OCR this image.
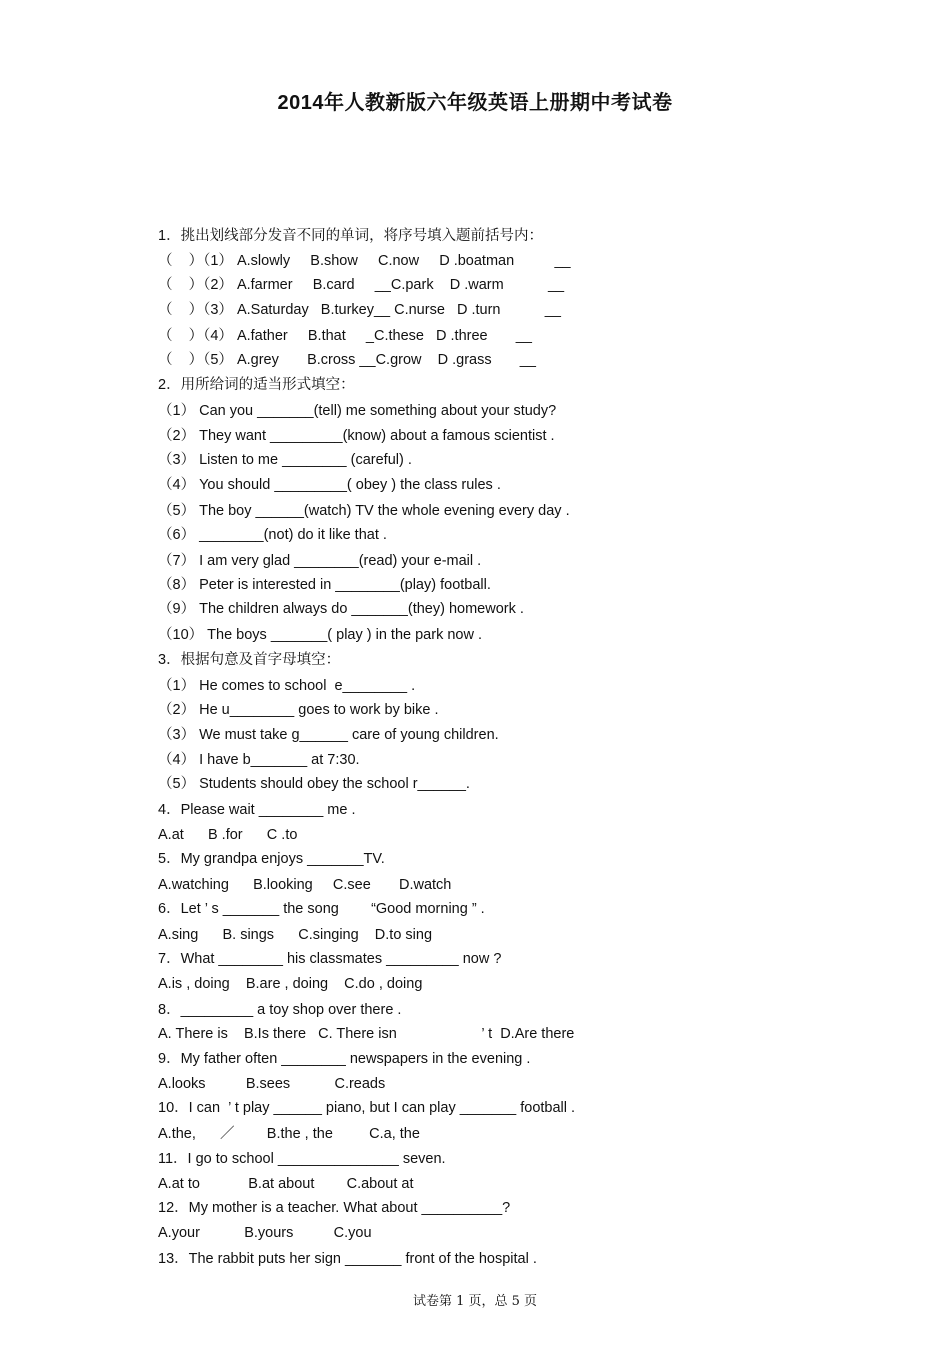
2014年人教新版六年级英语上册期中考试卷
1．挑出划线部分发音不同的单词，将序号填入题前括号内：
（    ）（1） A.slowly     B.show     C.now     D .boatman          __
（    ）（2） A.farmer     B.card     __C.park    D .warm           __
（    ）（3） A.Saturday   B.turkey__ C.nurse   D .turn           __
（    ）（4） A.father     B.that     _C.these   D .three       __
（    ）（5） A.grey       B.cross __C.grow    D .grass       __
2．用所给词的适当形式填空：
（1） Can you _______(tell) me something about your study?
（2） They want _________(know) about a famous scientist .
（3） Listen to me ________ (careful) .
（4） You should _________( obey ) the class rules .
（5） The boy ______(watch) TV the whole evening every day .
（6） ________(not) do it like that .
（7） I am very glad ________(read) your e-mail .
（8） Peter is interested in ________(play) football.
（9） The children always do _______(they) homework .
（10） The boys _______( play ) in the park now .
3．根据句意及首字母填空：
（1） He comes to school  e________ .
（2） He u________ goes to work by bike .
（3） We must take g______ care of young children.
（4） I have b_______ at 7:30.
（5） Students should obey the school r______.
4．Please wait ________ me .
A.at      B .for      C .to
5．My grandpa enjoys _______TV.
A.watching      B.looking     C.see       D.watch
6．Let ’ s _______ the song        “Good morning ” .
A.sing      B. sings      C.singing    D.to sing
7．What ________ his classmates _________ now ?
A.is , doing    B.are , doing    C.do , doing
8．_________ a toy shop over there .
A. There is    B.Is there   C. There isn                     ’ t  D.Are there
9．My father often ________ newspapers in the evening .
A.looks          B.sees           C.reads
10．I can  ’ t play ______ piano, but I can play _______ football .
A.the,      ／        B.the , the         C.a, the
11．I go to school _______________ seven.
A.at to            B.at about        C.about at
12．My mother is a teacher. What about __________?
A.your           B.yours          C.you
13．The rabbit puts her sign _______ front of the hospital .
试卷第 1 页，总 5 页
